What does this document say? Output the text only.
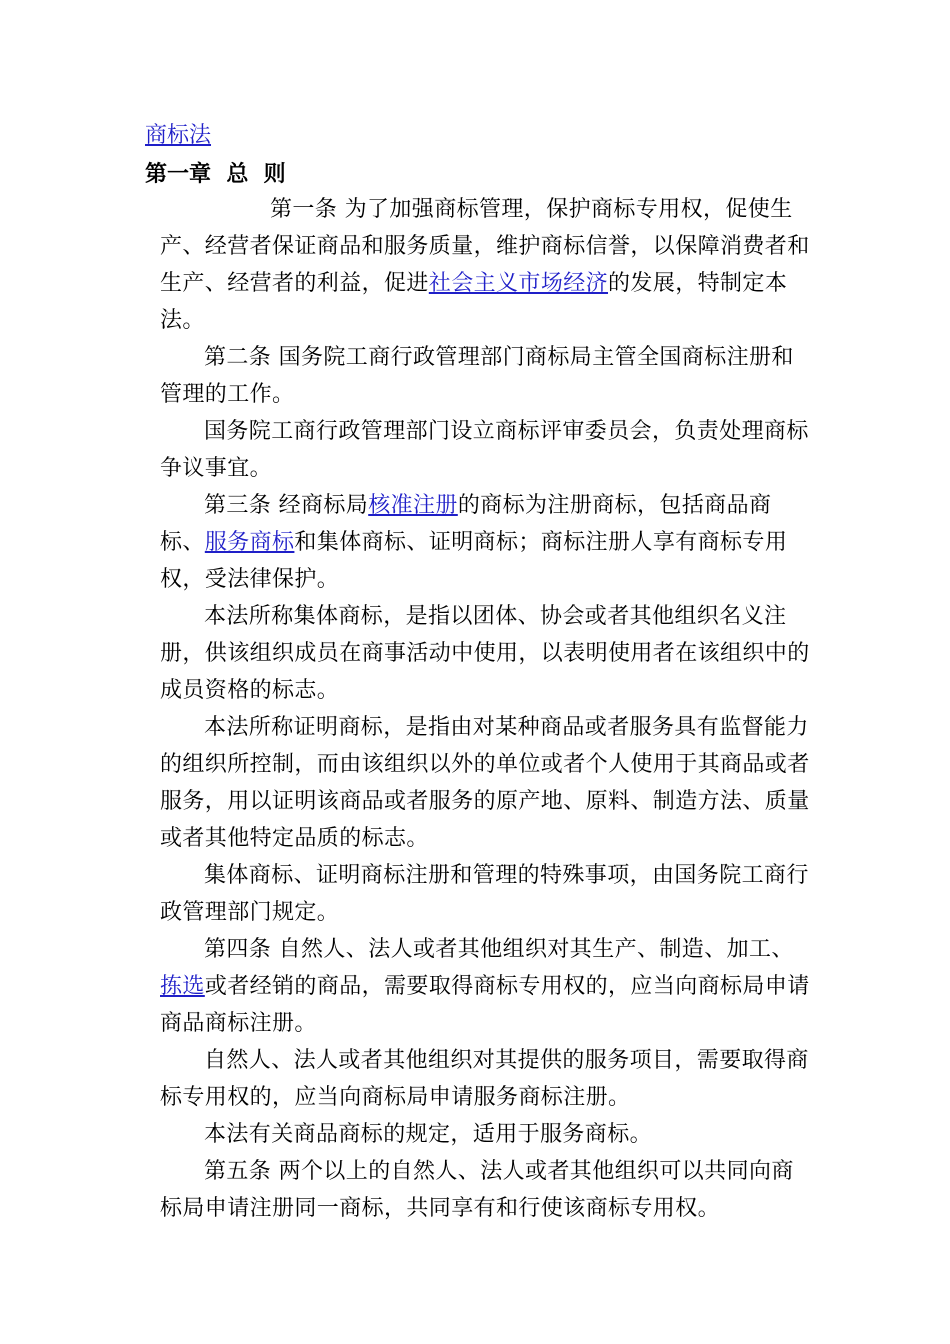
商标法
第一章  总  则

第一条 为了加强商标管理，保护商标专用权，促使生产、经营者保证商品和服务质量，维护商标信誉，以保障消费者和生产、经营者的利益，促进社会主义市场经济的发展，特制定本法。

第二条 国务院工商行政管理部门商标局主管全国商标注册和管理的工作。

国务院工商行政管理部门设立商标评审委员会，负责处理商标争议事宜。

第三条 经商标局核准注册的商标为注册商标，包括商品商标、服务商标和集体商标、证明商标；商标注册人享有商标专用权，受法律保护。

本法所称集体商标，是指以团体、协会或者其他组织名义注册，供该组织成员在商事活动中使用，以表明使用者在该组织中的成员资格的标志。

本法所称证明商标，是指由对某种商品或者服务具有监督能力的组织所控制，而由该组织以外的单位或者个人使用于其商品或者服务，用以证明该商品或者服务的原产地、原料、制造方法、质量或者其他特定品质的标志。

集体商标、证明商标注册和管理的特殊事项，由国务院工商行政管理部门规定。

第四条 自然人、法人或者其他组织对其生产、制造、加工、拣选或者经销的商品，需要取得商标专用权的，应当向商标局申请商品商标注册。

自然人、法人或者其他组织对其提供的服务项目，需要取得商标专用权的，应当向商标局申请服务商标注册。

本法有关商品商标的规定，适用于服务商标。

第五条 两个以上的自然人、法人或者其他组织可以共同向商标局申请注册同一商标，共同享有和行使该商标专用权。
